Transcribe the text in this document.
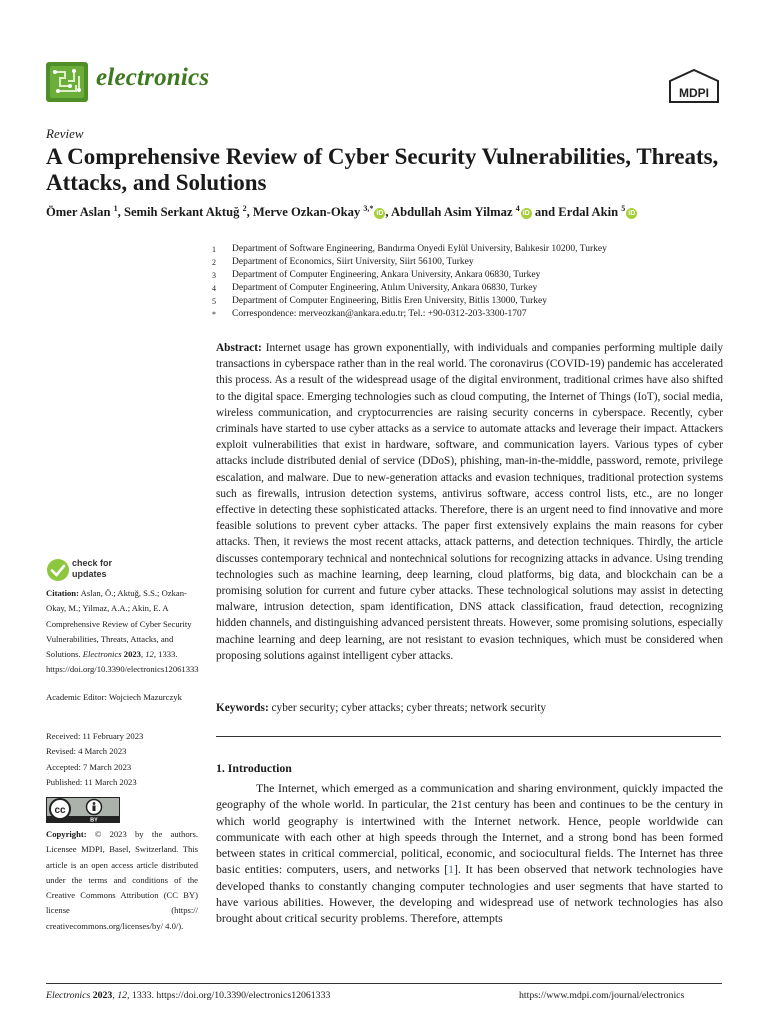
electronics
MDPI
Review
A Comprehensive Review of Cyber Security Vulnerabilities, Threats, Attacks, and Solutions
Ömer Aslan $^1$, Semih Serkant Aktuğ $^2$, Merve Ozkan-Okay $^{3,*}$iD , Abdullah Asim Yilmaz $^4$iD and Erdal Akin $^5$iD
1	Department of Software Engineering, Bandırma Onyedi Eylül University, Balıkesir 10200, Turkey
2	Department of Economics, Siirt University, Siirt 56100, Turkey
3	Department of Computer Engineering, Ankara University, Ankara 06830, Turkey
4	Department of Computer Engineering, Atılım University, Ankara 06830, Turkey
5	Department of Computer Engineering, Bitlis Eren University, Bitlis 13000, Turkey
*	Correspondence: merveozkan@ankara.edu.tr; Tel.: +90-0312-203-3300-1707
Abstract: Internet usage has grown exponentially, with individuals and companies performing multiple daily transactions in cyberspace rather than in the real world. The coronavirus (COVID-19) pandemic has accelerated this process. As a result of the widespread usage of the digital environment, traditional crimes have also shifted to the digital space. Emerging technologies such as cloud computing, the Internet of Things (IoT), social media, wireless communication, and cryptocurrencies are raising security concerns in cyberspace. Recently, cyber criminals have started to use cyber attacks as a service to automate attacks and leverage their impact. Attackers exploit vulnerabilities that exist in hardware, software, and communication layers. Various types of cyber attacks include distributed denial of service (DDoS), phishing, man-in-the-middle, password, remote, privilege escalation, and malware. Due to new-generation attacks and evasion techniques, traditional protection systems such as firewalls, intrusion detection systems, antivirus software, access control lists, etc., are no longer effective in detecting these sophisticated attacks. Therefore, there is an urgent need to find innovative and more feasible solutions to prevent cyber attacks. The paper first extensively explains the main reasons for cyber attacks. Then, it reviews the most recent attacks, attack patterns, and detection techniques. Thirdly, the article discusses contemporary technical and nontechnical solutions for recognizing attacks in advance. Using trending technologies such as machine learning, deep learning, cloud platforms, big data, and blockchain can be a promising solution for current and future cyber attacks. These technological solutions may assist in detecting malware, intrusion detection, spam identification, DNS attack classification, fraud detection, recognizing hidden channels, and distinguishing advanced persistent threats. However, some promising solutions, especially machine learning and deep learning, are not resistant to evasion techniques, which must be considered when proposing solutions against intelligent cyber attacks.
Keywords: cyber security; cyber attacks; cyber threats; network security
1. Introduction
The Internet, which emerged as a communication and sharing environment, quickly impacted the geography of the whole world. In particular, the 21st century has been and continues to be the century in which world geography is intertwined with the Internet network. Hence, people worldwide can communicate with each other at high speeds through the Internet, and a strong bond has been formed between states in critical commercial, political, economic, and sociocultural fields. The Internet has three basic entities: computers, users, and networks [1]. It has been observed that network technologies have developed thanks to constantly changing computer technologies and user segments that have started to have various abilities. However, the developing and widespread use of network technologies has also brought about critical security problems. Therefore, attempts
check for
updates
Citation: Aslan, Ö.; Aktuğ, S.S.; Ozkan-Okay, M.; Yilmaz, A.A.; Akin, E. A Comprehensive Review of Cyber Security Vulnerabilities, Threats, Attacks, and Solutions. Electronics 2023, 12, 1333. https://doi.org/10.3390/electronics12061333
Academic Editor: Wojciech Mazurczyk
Received: 11 February 2023
Revised: 4 March 2023
Accepted: 7 March 2023
Published: 11 March 2023
cc
BY
Copyright: © 2023 by the authors. Licensee MDPI, Basel, Switzerland. This article is an open access article distributed under the terms and conditions of the Creative Commons Attribution (CC BY) license (https:// creativecommons.org/licenses/by/ 4.0/).
Electronics 2023, 12, 1333. https://doi.org/10.3390/electronics12061333	https://www.mdpi.com/journal/electronics
